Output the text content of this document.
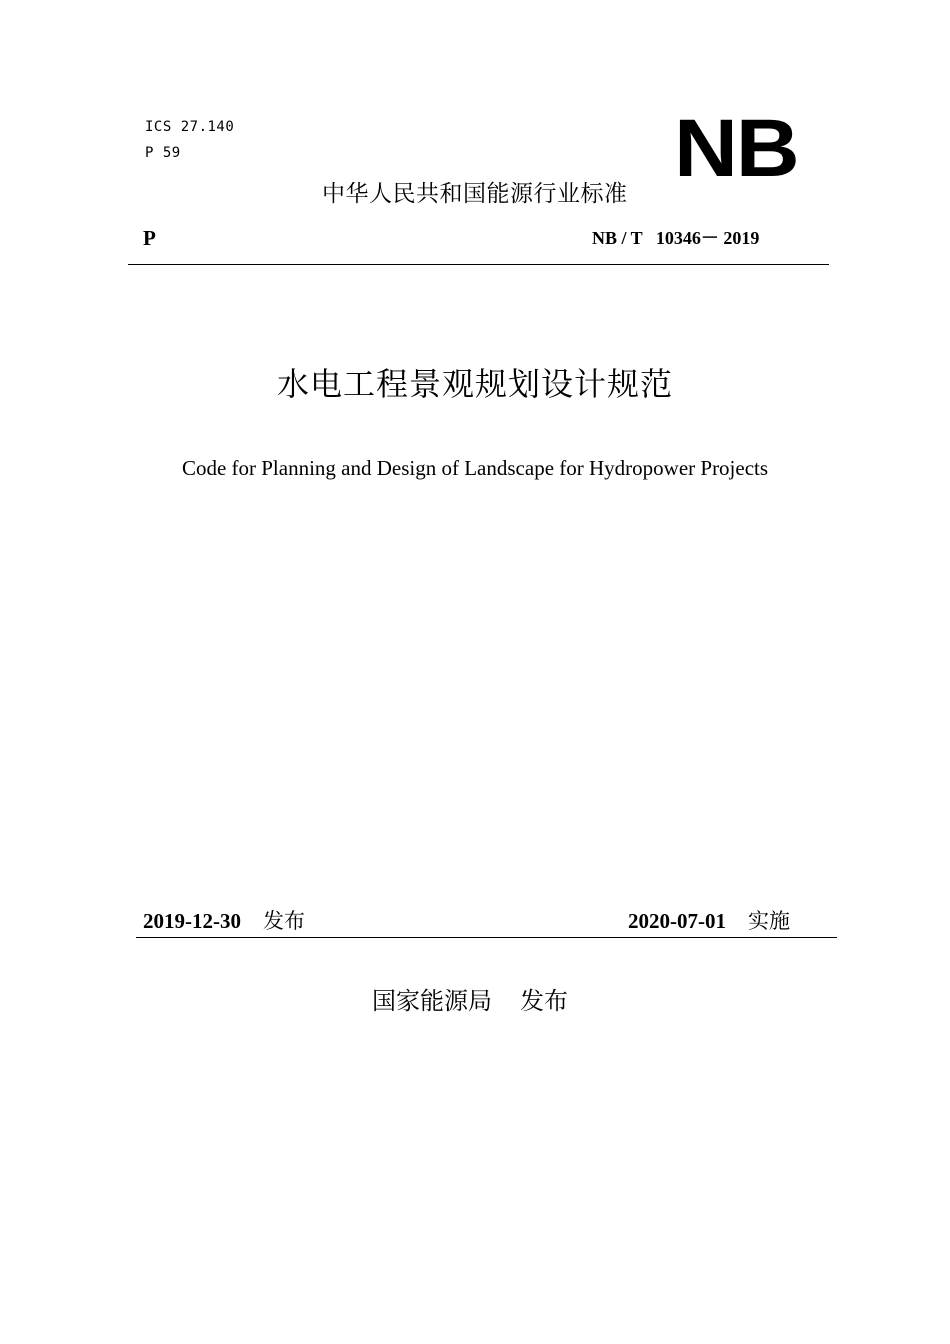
ICS 27.140
P 59	NB
中华人民共和国能源行业标准
P	NB / T   10346－ 2019
水电工程景观规划设计规范
Code for Planning and Design of Landscape for Hydropower Projects
2019-12-30 发布	2020-07-01 实施
国家能源局 发布
